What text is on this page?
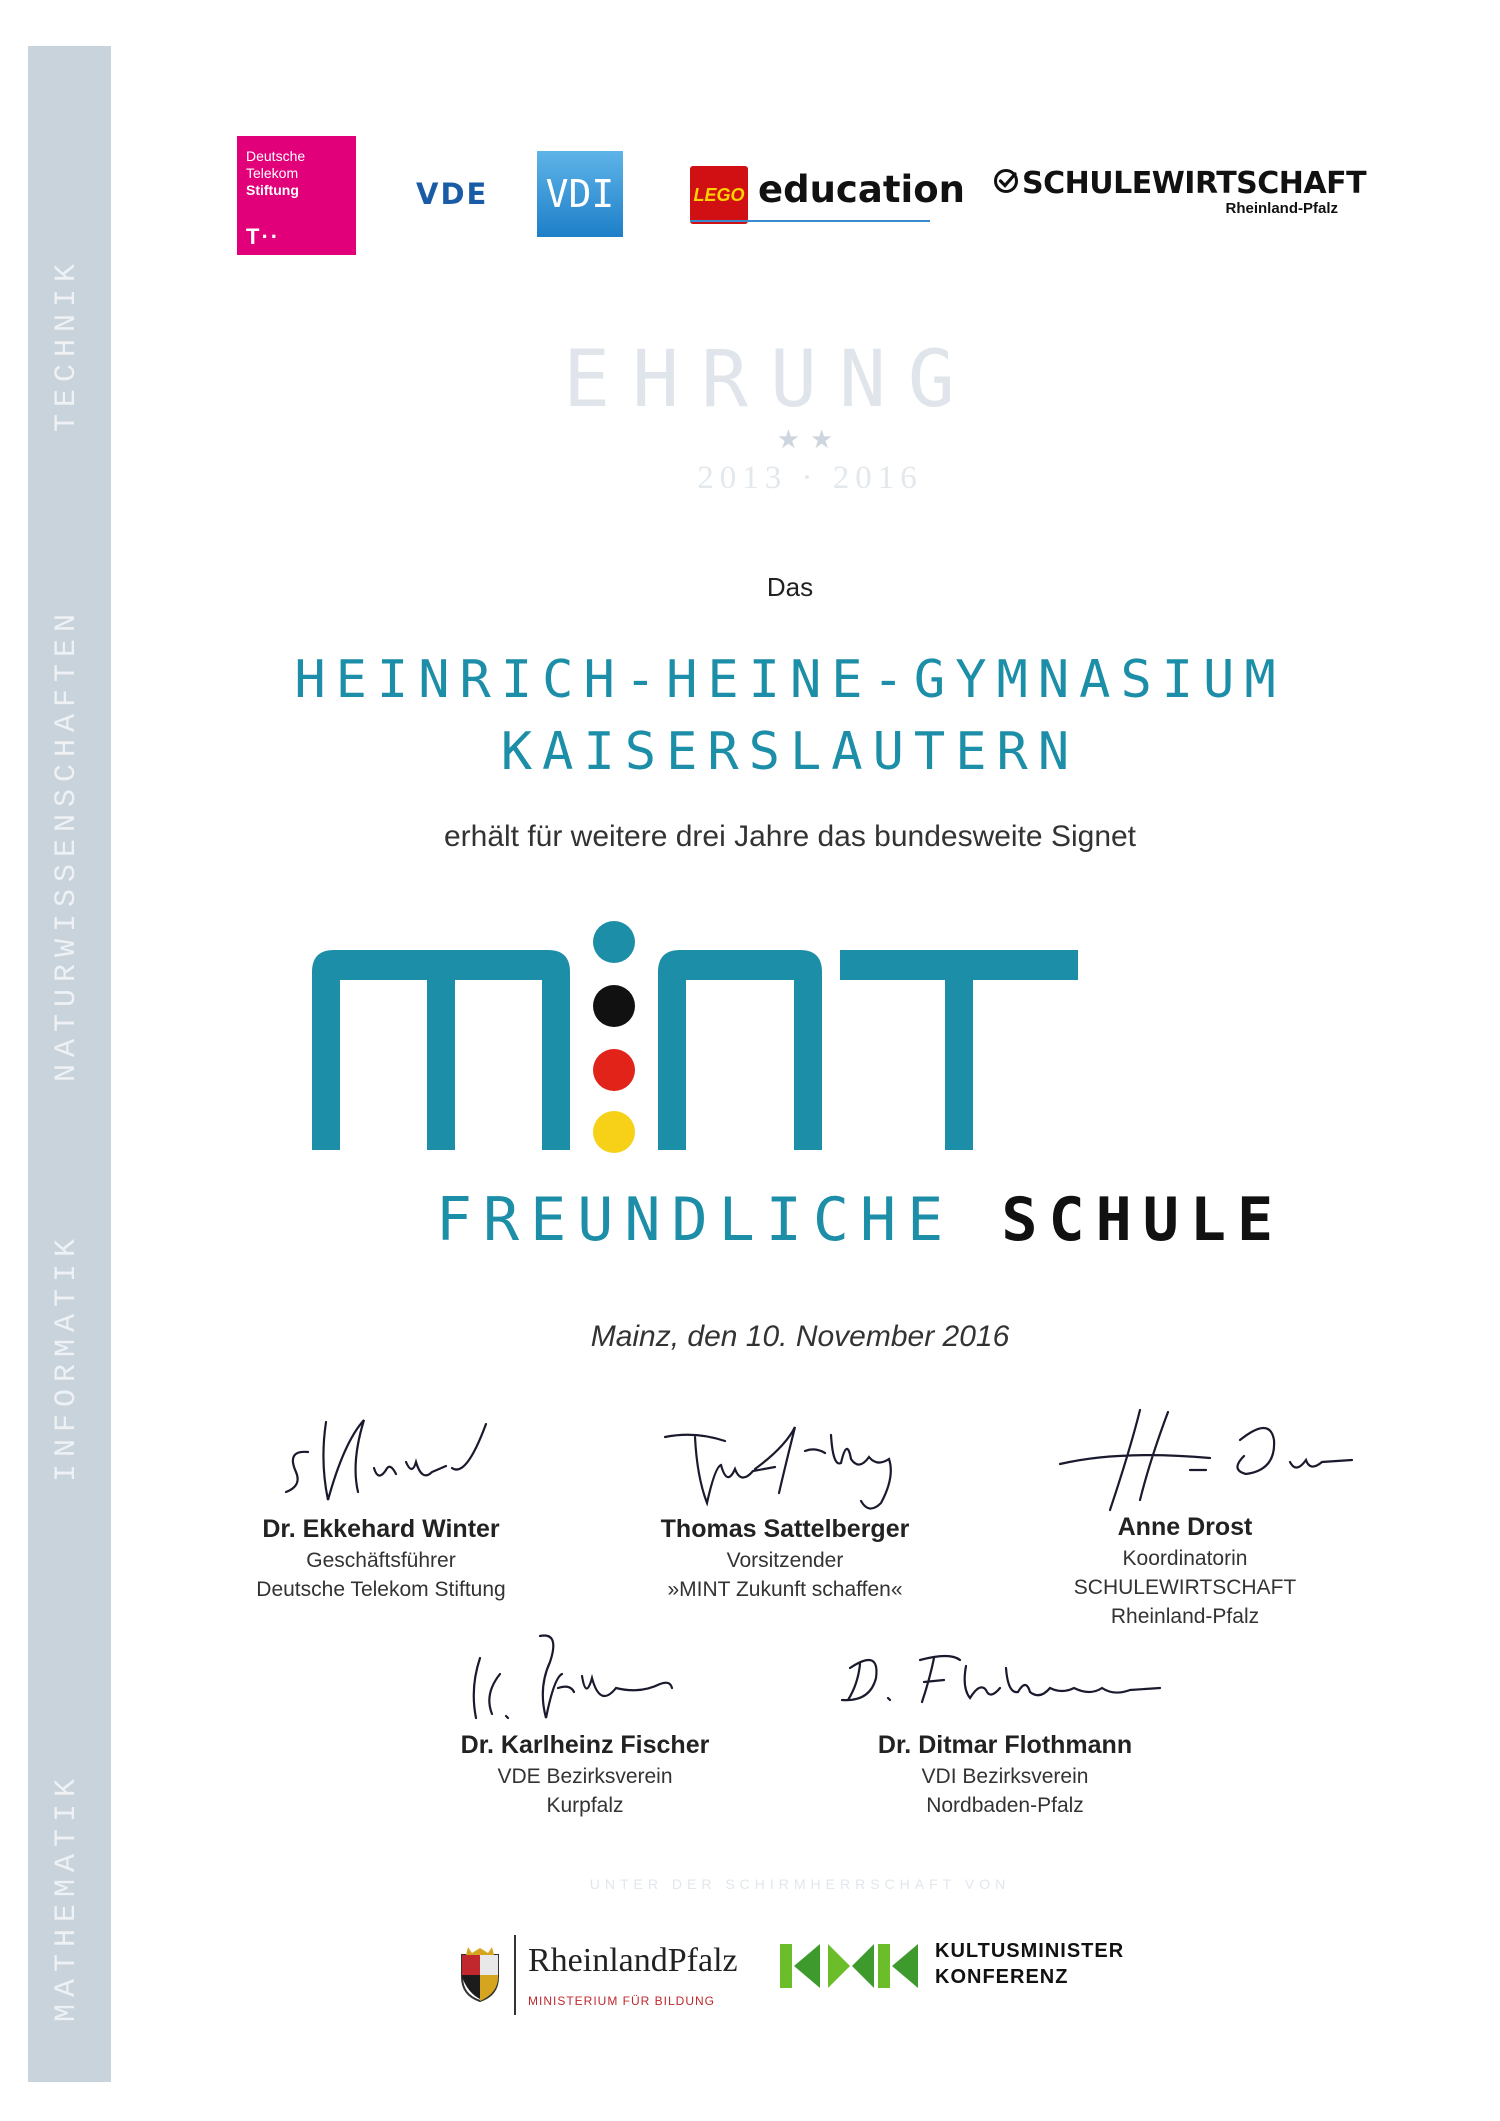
MATHEMATIK
INFORMATIK
NATURWISSENSCHAFTEN
TECHNIK
Deutsche
Telekom
Stiftung
T··
VDE	VDI	LEGO education SCHULEWIRTSCHAFT
Rheinland-Pfalz
EHRUNG
★★
2013 · 2016
Das
HEINRICH-HEINE-GYMNASIUM
KAISERSLAUTERN
erhält für weitere drei Jahre das bundesweite Signet
FREUNDLICHE SCHULE
Mainz, den 10. November 2016
Dr. Ekkehard Winter
Geschäftsführer
Deutsche Telekom Stiftung
Thomas Sattelberger
Vorsitzender
»MINT Zukunft schaffen«
Anne Drost
Koordinatorin
SCHULEWIRTSCHAFT
Rheinland-Pfalz
Dr. Karlheinz Fischer
VDE Bezirksverein
Kurpfalz
Dr. Ditmar Flothmann
VDI Bezirksverein
Nordbaden-Pfalz
UNTER DER SCHIRMHERRSCHAFT VON
RheinlandPfalz
MINISTERIUM FÜR BILDUNG
KULTUSMINISTER
KONFERENZ
